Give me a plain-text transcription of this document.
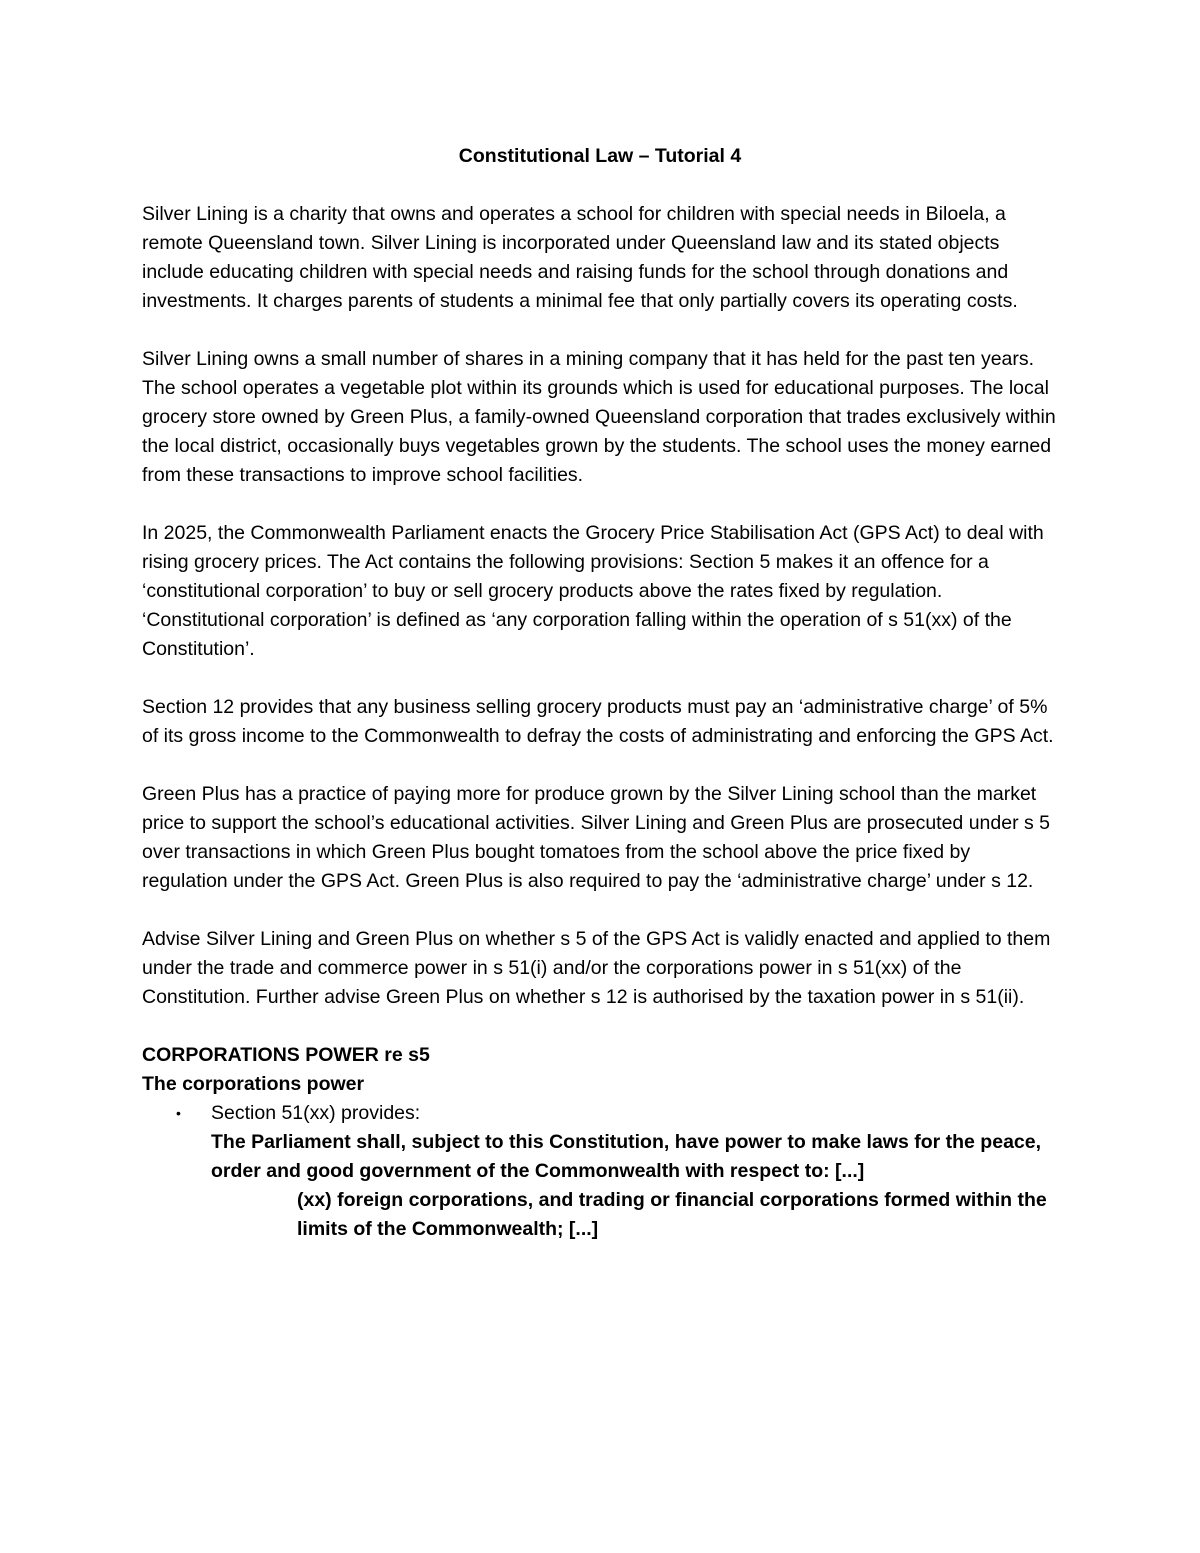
Constitutional Law – Tutorial 4

Silver Lining is a charity that owns and operates a school for children with special needs in Biloela, a remote Queensland town. Silver Lining is incorporated under Queensland law and its stated objects include educating children with special needs and raising funds for the school through donations and investments. It charges parents of students a minimal fee that only partially covers its operating costs.

Silver Lining owns a small number of shares in a mining company that it has held for the past ten years. The school operates a vegetable plot within its grounds which is used for educational purposes. The local grocery store owned by Green Plus, a family-owned Queensland corporation that trades exclusively within the local district, occasionally buys vegetables grown by the students. The school uses the money earned from these transactions to improve school facilities.

In 2025, the Commonwealth Parliament enacts the Grocery Price Stabilisation Act (GPS Act) to deal with rising grocery prices. The Act contains the following provisions: Section 5 makes it an offence for a ‘constitutional corporation’ to buy or sell grocery products above the rates fixed by regulation. ‘Constitutional corporation’ is defined as ‘any corporation falling within the operation of s 51(xx) of the Constitution’.

Section 12 provides that any business selling grocery products must pay an ‘administrative charge’ of 5% of its gross income to the Commonwealth to defray the costs of administrating and enforcing the GPS Act.

Green Plus has a practice of paying more for produce grown by the Silver Lining school than the market price to support the school’s educational activities. Silver Lining and Green Plus are prosecuted under s 5 over transactions in which Green Plus bought tomatoes from the school above the price fixed by regulation under the GPS Act. Green Plus is also required to pay the ‘administrative charge’ under s 12.

Advise Silver Lining and Green Plus on whether s 5 of the GPS Act is validly enacted and applied to them under the trade and commerce power in s 51(i) and/or the corporations power in s 51(xx) of the Constitution. Further advise Green Plus on whether s 12 is authorised by the taxation power in s 51(ii).

CORPORATIONS POWER re s5
The corporations power
• Section 51(xx) provides:
The Parliament shall, subject to this Constitution, have power to make laws for the peace, order and good government of the Commonwealth with respect to: [...]
(xx) foreign corporations, and trading or financial corporations formed within the limits of the Commonwealth; [...]
